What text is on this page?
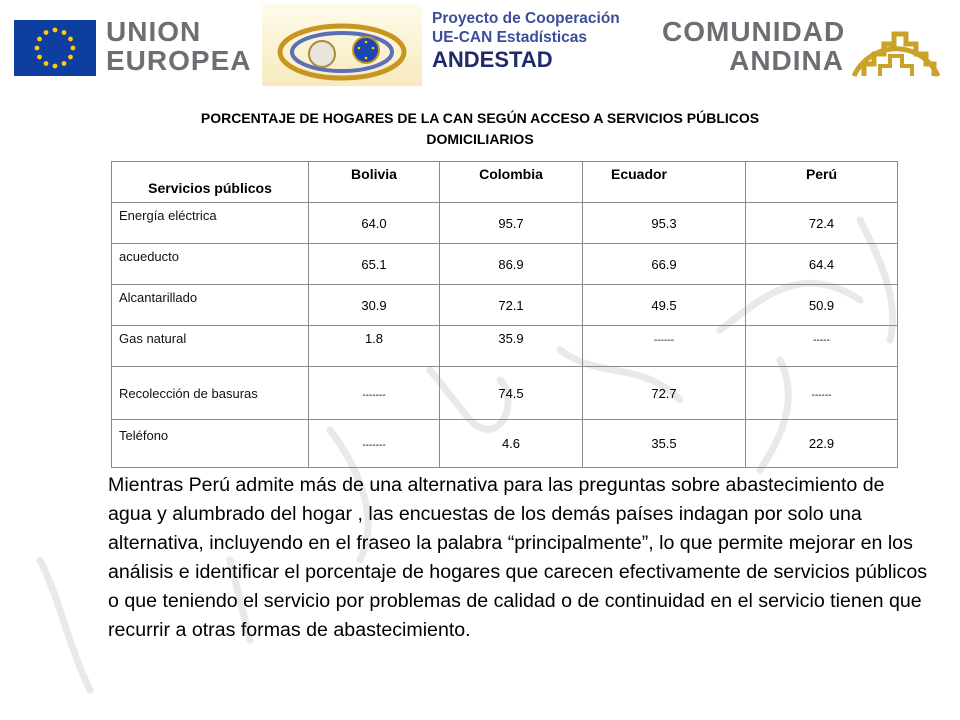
UNION
EUROPEA
Proyecto de Cooperación
UE-CAN Estadísticas
ANDESTAD
COMUNIDAD
ANDINA
PORCENTAJE DE HOGARES DE LA CAN SEGÚN ACCESO A SERVICIOS PÚBLICOS
DOMICILIARIOS
Servicios públicos	Bolivia	Colombia	Ecuador	Perú
Energía eléctrica	64.0	95.7	95.3	72.4
acueducto	65.1	86.9	66.9	64.4
Alcantarillado	30.9	72.1	49.5	50.9
Gas natural	1.8	35.9	------	-----
Recolección de basuras	-------	74.5	72.7	------
Teléfono	-------	4.6	35.5	22.9
Mientras Perú admite más de una alternativa para las preguntas sobre abastecimiento de agua y alumbrado del hogar , las encuestas de los demás países indagan por solo una alternativa, incluyendo en el fraseo la palabra “principalmente”, lo que permite mejorar en los análisis e identificar el porcentaje de hogares que carecen efectivamente de servicios públicos o que teniendo el servicio por problemas de calidad o de continuidad en el servicio tienen que recurrir a otras formas de abastecimiento.
